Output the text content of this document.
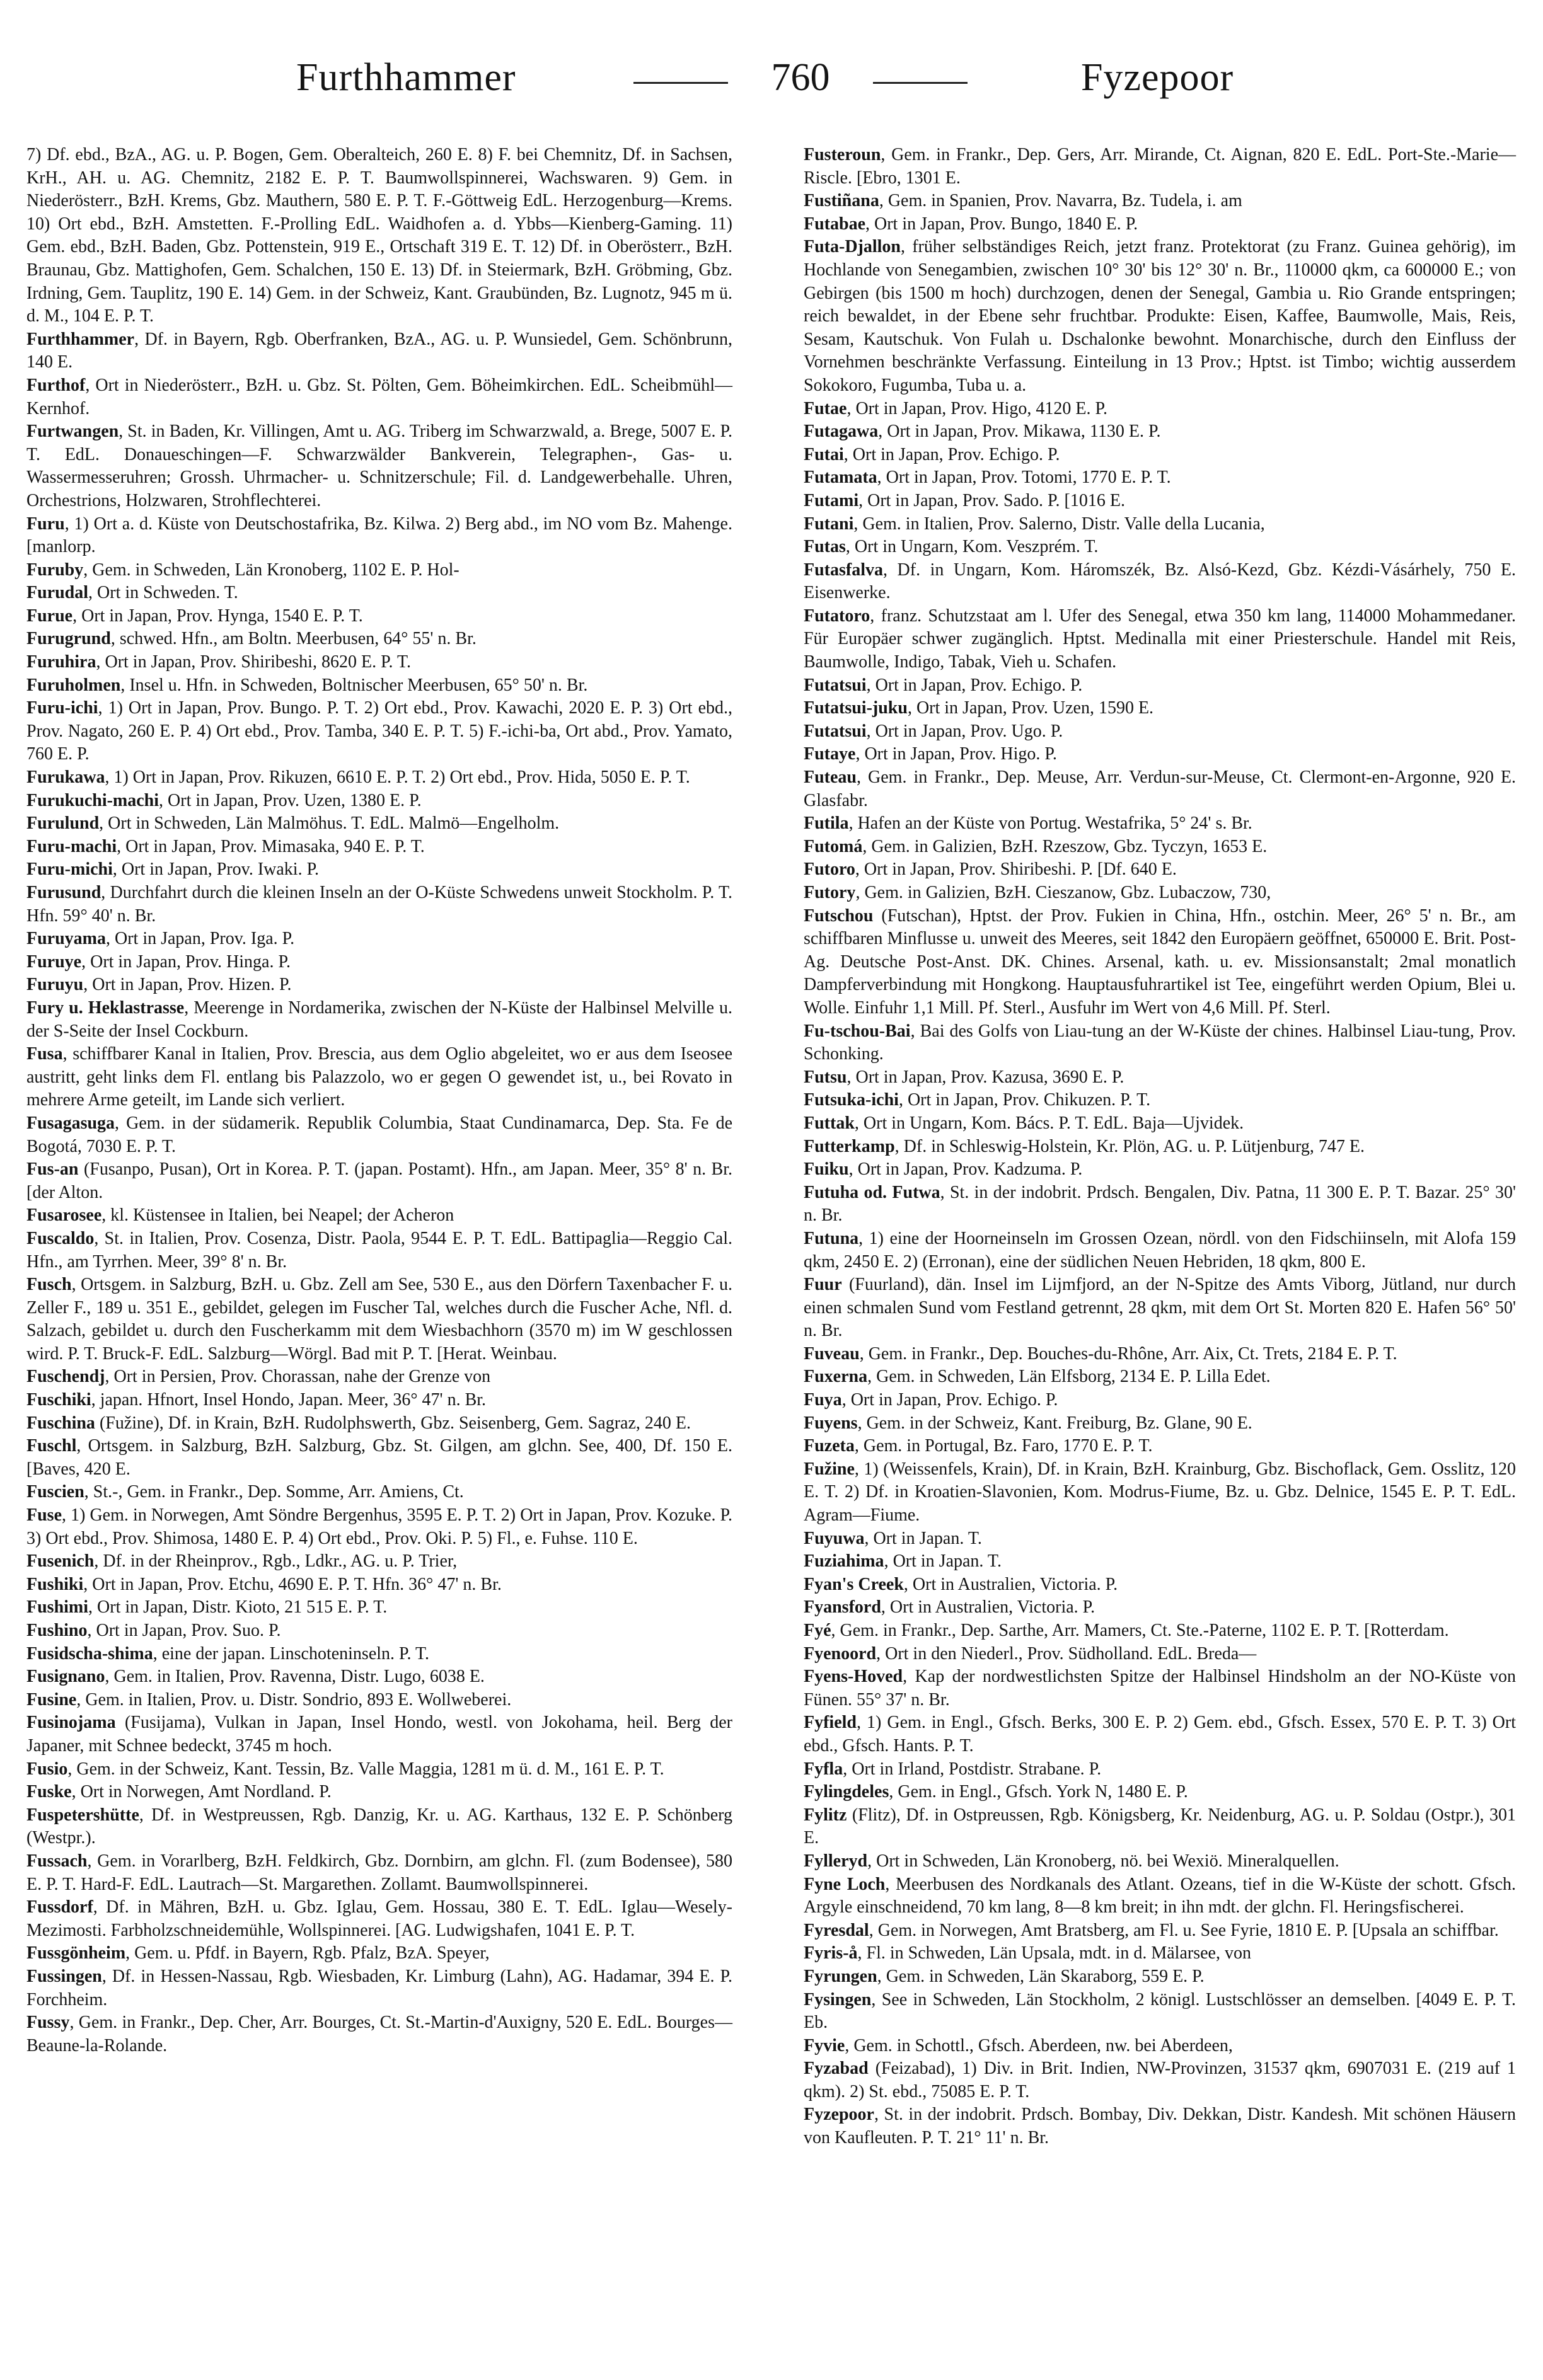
Furthhammer	760	Fyzepoor

7) Df. ebd., BzA., AG. u. P. Bogen, Gem. Oberalteich, 260 E. 8) F. bei Chemnitz, Df. in Sachsen, KrH., AH. u. AG. Chemnitz, 2182 E. P. T. Baumwollspinnerei, Wachswaren. 9) Gem. in Niederösterr., BzH. Krems, Gbz. Mauthern, 580 E. P. T. F.-Göttweig EdL. Herzogenburg—Krems. 10) Ort ebd., BzH. Amstetten. F.-Prolling EdL. Waidhofen a. d. Ybbs—Kienberg-Gaming. 11) Gem. ebd., BzH. Baden, Gbz. Pottenstein, 919 E., Ortschaft 319 E. T. 12) Df. in Oberösterr., BzH. Braunau, Gbz. Mattighofen, Gem. Schalchen, 150 E. 13) Df. in Steiermark, BzH. Gröbming, Gbz. Irdning, Gem. Tauplitz, 190 E. 14) Gem. in der Schweiz, Kant. Graubünden, Bz. Lugnotz, 945 m ü. d. M., 104 E. P. T.

Furthhammer, Df. in Bayern, Rgb. Oberfranken, BzA., AG. u. P. Wunsiedel, Gem. Schönbrunn, 140 E.

Furthof, Ort in Niederösterr., BzH. u. Gbz. St. Pölten, Gem. Böheimkirchen. EdL. Scheibmühl—Kernhof.

Furtwangen, St. in Baden, Kr. Villingen, Amt u. AG. Triberg im Schwarzwald, a. Brege, 5007 E. P. T. EdL. Donaueschingen—F. Schwarzwälder Bankverein, Telegraphen-, Gas- u. Wassermesseruhren; Grossh. Uhrmacher- u. Schnitzerschule; Fil. d. Landgewerbehalle. Uhren, Orchestrions, Holzwaren, Strohflechterei.

Furu, 1) Ort a. d. Küste von Deutschostafrika, Bz. Kilwa. 2) Berg abd., im NO vom Bz. Mahenge. [manlorp.

Furuby, Gem. in Schweden, Län Kronoberg, 1102 E. P. Hol-

Furudal, Ort in Schweden. T.

Furue, Ort in Japan, Prov. Hynga, 1540 E. P. T.

Furugrund, schwed. Hfn., am Boltn. Meerbusen, 64° 55' n. Br.

Furuhira, Ort in Japan, Prov. Shiribeshi, 8620 E. P. T.

Furuholmen, Insel u. Hfn. in Schweden, Boltnischer Meerbusen, 65° 50' n. Br.

Furu-ichi, 1) Ort in Japan, Prov. Bungo. P. T. 2) Ort ebd., Prov. Kawachi, 2020 E. P. 3) Ort ebd., Prov. Nagato, 260 E. P. 4) Ort ebd., Prov. Tamba, 340 E. P. T. 5) F.-ichi-ba, Ort abd., Prov. Yamato, 760 E. P.

Furukawa, 1) Ort in Japan, Prov. Rikuzen, 6610 E. P. T. 2) Ort ebd., Prov. Hida, 5050 E. P. T.

Furukuchi-machi, Ort in Japan, Prov. Uzen, 1380 E. P.

Furulund, Ort in Schweden, Län Malmöhus. T. EdL. Malmö—Engelholm.

Furu-machi, Ort in Japan, Prov. Mimasaka, 940 E. P. T.

Furu-michi, Ort in Japan, Prov. Iwaki. P.

Furusund, Durchfahrt durch die kleinen Inseln an der O-Küste Schwedens unweit Stockholm. P. T. Hfn. 59° 40' n. Br.

Furuyama, Ort in Japan, Prov. Iga. P.

Furuye, Ort in Japan, Prov. Hinga. P.

Furuyu, Ort in Japan, Prov. Hizen. P.

Fury u. Heklastrasse, Meerenge in Nordamerika, zwischen der N-Küste der Halbinsel Melville u. der S-Seite der Insel Cockburn.

Fusa, schiffbarer Kanal in Italien, Prov. Brescia, aus dem Oglio abgeleitet, wo er aus dem Iseosee austritt, geht links dem Fl. entlang bis Palazzolo, wo er gegen O gewendet ist, u., bei Rovato in mehrere Arme geteilt, im Lande sich verliert.

Fusagasuga, Gem. in der südamerik. Republik Columbia, Staat Cundinamarca, Dep. Sta. Fe de Bogotá, 7030 E. P. T.

Fus-an (Fusanpo, Pusan), Ort in Korea. P. T. (japan. Postamt). Hfn., am Japan. Meer, 35° 8' n. Br. [der Alton.

Fusarosee, kl. Küstensee in Italien, bei Neapel; der Acheron

Fuscaldo, St. in Italien, Prov. Cosenza, Distr. Paola, 9544 E. P. T. EdL. Battipaglia—Reggio Cal. Hfn., am Tyrrhen. Meer, 39° 8' n. Br.

Fusch, Ortsgem. in Salzburg, BzH. u. Gbz. Zell am See, 530 E., aus den Dörfern Taxenbacher F. u. Zeller F., 189 u. 351 E., gebildet, gelegen im Fuscher Tal, welches durch die Fuscher Ache, Nfl. d. Salzach, gebildet u. durch den Fuscherkamm mit dem Wiesbachhorn (3570 m) im W geschlossen wird. P. T. Bruck-F. EdL. Salzburg—Wörgl. Bad mit P. T. [Herat. Weinbau.

Fuschendj, Ort in Persien, Prov. Chorassan, nahe der Grenze von

Fuschiki, japan. Hfnort, Insel Hondo, Japan. Meer, 36° 47' n. Br.

Fuschina (Fužine), Df. in Krain, BzH. Rudolphswerth, Gbz. Seisenberg, Gem. Sagraz, 240 E.

Fuschl, Ortsgem. in Salzburg, BzH. Salzburg, Gbz. St. Gilgen, am glchn. See, 400, Df. 150 E. [Baves, 420 E.

Fuscien, St.-, Gem. in Frankr., Dep. Somme, Arr. Amiens, Ct.

Fuse, 1) Gem. in Norwegen, Amt Söndre Bergenhus, 3595 E. P. T. 2) Ort in Japan, Prov. Kozuke. P. 3) Ort ebd., Prov. Shimosa, 1480 E. P. 4) Ort ebd., Prov. Oki. P. 5) Fl., e. Fuhse. 110 E.

Fusenich, Df. in der Rheinprov., Rgb., Ldkr., AG. u. P. Trier,

Fushiki, Ort in Japan, Prov. Etchu, 4690 E. P. T. Hfn. 36° 47' n. Br.

Fushimi, Ort in Japan, Distr. Kioto, 21 515 E. P. T.

Fushino, Ort in Japan, Prov. Suo. P.

Fusidscha-shima, eine der japan. Linschoteninseln. P. T.

Fusignano, Gem. in Italien, Prov. Ravenna, Distr. Lugo, 6038 E.

Fusine, Gem. in Italien, Prov. u. Distr. Sondrio, 893 E. Wollweberei.

Fusinojama (Fusijama), Vulkan in Japan, Insel Hondo, westl. von Jokohama, heil. Berg der Japaner, mit Schnee bedeckt, 3745 m hoch.

Fusio, Gem. in der Schweiz, Kant. Tessin, Bz. Valle Maggia, 1281 m ü. d. M., 161 E. P. T.

Fuske, Ort in Norwegen, Amt Nordland. P.

Fuspetershütte, Df. in Westpreussen, Rgb. Danzig, Kr. u. AG. Karthaus, 132 E. P. Schönberg (Westpr.).

Fussach, Gem. in Vorarlberg, BzH. Feldkirch, Gbz. Dornbirn, am glchn. Fl. (zum Bodensee), 580 E. P. T. Hard-F. EdL. Lautrach—St. Margarethen. Zollamt. Baumwollspinnerei.

Fussdorf, Df. in Mähren, BzH. u. Gbz. Iglau, Gem. Hossau, 380 E. T. EdL. Iglau—Wesely-Mezimosti. Farbholzschneidemühle, Wollspinnerei. [AG. Ludwigshafen, 1041 E. P. T.

Fussgönheim, Gem. u. Pfdf. in Bayern, Rgb. Pfalz, BzA. Speyer,

Fussingen, Df. in Hessen-Nassau, Rgb. Wiesbaden, Kr. Limburg (Lahn), AG. Hadamar, 394 E. P. Forchheim.

Fussy, Gem. in Frankr., Dep. Cher, Arr. Bourges, Ct. St.-Martin-d'Auxigny, 520 E. EdL. Bourges—Beaune-la-Rolande.

Fusteroun, Gem. in Frankr., Dep. Gers, Arr. Mirande, Ct. Aignan, 820 E. EdL. Port-Ste.-Marie—Riscle. [Ebro, 1301 E.

Fustiñana, Gem. in Spanien, Prov. Navarra, Bz. Tudela, i. am

Futabae, Ort in Japan, Prov. Bungo, 1840 E. P.

Futa-Djallon, früher selbständiges Reich, jetzt franz. Protektorat (zu Franz. Guinea gehörig), im Hochlande von Senegambien, zwischen 10° 30' bis 12° 30' n. Br., 110000 qkm, ca 600000 E.; von Gebirgen (bis 1500 m hoch) durchzogen, denen der Senegal, Gambia u. Rio Grande entspringen; reich bewaldet, in der Ebene sehr fruchtbar. Produkte: Eisen, Kaffee, Baumwolle, Mais, Reis, Sesam, Kautschuk. Von Fulah u. Dschalonke bewohnt. Monarchische, durch den Einfluss der Vornehmen beschränkte Verfassung. Einteilung in 13 Prov.; Hptst. ist Timbo; wichtig ausserdem Sokokoro, Fugumba, Tuba u. a.

Futae, Ort in Japan, Prov. Higo, 4120 E. P.

Futagawa, Ort in Japan, Prov. Mikawa, 1130 E. P.

Futai, Ort in Japan, Prov. Echigo. P.

Futamata, Ort in Japan, Prov. Totomi, 1770 E. P. T.

Futami, Ort in Japan, Prov. Sado. P. [1016 E.

Futani, Gem. in Italien, Prov. Salerno, Distr. Valle della Lucania,

Futas, Ort in Ungarn, Kom. Veszprém. T.

Futasfalva, Df. in Ungarn, Kom. Háromszék, Bz. Alsó-Kezd, Gbz. Kézdi-Vásárhely, 750 E. Eisenwerke.

Futatoro, franz. Schutzstaat am l. Ufer des Senegal, etwa 350 km lang, 114000 Mohammedaner. Für Europäer schwer zugänglich. Hptst. Medinalla mit einer Priesterschule. Handel mit Reis, Baumwolle, Indigo, Tabak, Vieh u. Schafen.

Futatsui, Ort in Japan, Prov. Echigo. P.

Futatsui-juku, Ort in Japan, Prov. Uzen, 1590 E.

Futatsui, Ort in Japan, Prov. Ugo. P.

Futaye, Ort in Japan, Prov. Higo. P.

Futeau, Gem. in Frankr., Dep. Meuse, Arr. Verdun-sur-Meuse, Ct. Clermont-en-Argonne, 920 E. Glasfabr.

Futila, Hafen an der Küste von Portug. Westafrika, 5° 24' s. Br.

Futomá, Gem. in Galizien, BzH. Rzeszow, Gbz. Tyczyn, 1653 E.

Futoro, Ort in Japan, Prov. Shiribeshi. P. [Df. 640 E.

Futory, Gem. in Galizien, BzH. Cieszanow, Gbz. Lubaczow, 730,

Futschou (Futschan), Hptst. der Prov. Fukien in China, Hfn., ostchin. Meer, 26° 5' n. Br., am schiffbaren Minflusse u. unweit des Meeres, seit 1842 den Europäern geöffnet, 650000 E. Brit. Post-Ag. Deutsche Post-Anst. DK. Chines. Arsenal, kath. u. ev. Missionsanstalt; 2mal monatlich Dampferverbindung mit Hongkong. Hauptausfuhrartikel ist Tee, eingeführt werden Opium, Blei u. Wolle. Einfuhr 1,1 Mill. Pf. Sterl., Ausfuhr im Wert von 4,6 Mill. Pf. Sterl.

Fu-tschou-Bai, Bai des Golfs von Liau-tung an der W-Küste der chines. Halbinsel Liau-tung, Prov. Schonking.

Futsu, Ort in Japan, Prov. Kazusa, 3690 E. P.

Futsuka-ichi, Ort in Japan, Prov. Chikuzen. P. T.

Futtak, Ort in Ungarn, Kom. Bács. P. T. EdL. Baja—Ujvidek.

Futterkamp, Df. in Schleswig-Holstein, Kr. Plön, AG. u. P. Lütjenburg, 747 E.

Fuiku, Ort in Japan, Prov. Kadzuma. P.

Futuha od. Futwa, St. in der indobrit. Prdsch. Bengalen, Div. Patna, 11 300 E. P. T. Bazar. 25° 30' n. Br.

Futuna, 1) eine der Hoorneinseln im Grossen Ozean, nördl. von den Fidschiinseln, mit Alofa 159 qkm, 2450 E. 2) (Erronan), eine der südlichen Neuen Hebriden, 18 qkm, 800 E.

Fuur (Fuurland), dän. Insel im Lijmfjord, an der N-Spitze des Amts Viborg, Jütland, nur durch einen schmalen Sund vom Festland getrennt, 28 qkm, mit dem Ort St. Morten 820 E. Hafen 56° 50' n. Br.

Fuveau, Gem. in Frankr., Dep. Bouches-du-Rhône, Arr. Aix, Ct. Trets, 2184 E. P. T.

Fuxerna, Gem. in Schweden, Län Elfsborg, 2134 E. P. Lilla Edet.

Fuya, Ort in Japan, Prov. Echigo. P.

Fuyens, Gem. in der Schweiz, Kant. Freiburg, Bz. Glane, 90 E.

Fuzeta, Gem. in Portugal, Bz. Faro, 1770 E. P. T.

Fužine, 1) (Weissenfels, Krain), Df. in Krain, BzH. Krainburg, Gbz. Bischoflack, Gem. Osslitz, 120 E. T. 2) Df. in Kroatien-Slavonien, Kom. Modrus-Fiume, Bz. u. Gbz. Delnice, 1545 E. P. T. EdL. Agram—Fiume.

Fuyuwa, Ort in Japan. T.

Fuziahima, Ort in Japan. T.

Fyan's Creek, Ort in Australien, Victoria. P.

Fyansford, Ort in Australien, Victoria. P.

Fyé, Gem. in Frankr., Dep. Sarthe, Arr. Mamers, Ct. Ste.-Paterne, 1102 E. P. T. [Rotterdam.

Fyenoord, Ort in den Niederl., Prov. Südholland. EdL. Breda—

Fyens-Hoved, Kap der nordwestlichsten Spitze der Halbinsel Hindsholm an der NO-Küste von Fünen. 55° 37' n. Br.

Fyfield, 1) Gem. in Engl., Gfsch. Berks, 300 E. P. 2) Gem. ebd., Gfsch. Essex, 570 E. P. T. 3) Ort ebd., Gfsch. Hants. P. T.

Fyfla, Ort in Irland, Postdistr. Strabane. P.

Fylingdeles, Gem. in Engl., Gfsch. York N, 1480 E. P.

Fylitz (Flitz), Df. in Ostpreussen, Rgb. Königsberg, Kr. Neidenburg, AG. u. P. Soldau (Ostpr.), 301 E.

Fylleryd, Ort in Schweden, Län Kronoberg, nö. bei Wexiö. Mineralquellen.

Fyne Loch, Meerbusen des Nordkanals des Atlant. Ozeans, tief in die W-Küste der schott. Gfsch. Argyle einschneidend, 70 km lang, 8—8 km breit; in ihn mdt. der glchn. Fl. Heringsfischerei.

Fyresdal, Gem. in Norwegen, Amt Bratsberg, am Fl. u. See Fyrie, 1810 E. P. [Upsala an schiffbar.

Fyris-å, Fl. in Schweden, Län Upsala, mdt. in d. Mälarsee, von

Fyrungen, Gem. in Schweden, Län Skaraborg, 559 E. P.

Fysingen, See in Schweden, Län Stockholm, 2 königl. Lustschlösser an demselben. [4049 E. P. T. Eb.

Fyvie, Gem. in Schottl., Gfsch. Aberdeen, nw. bei Aberdeen,

Fyzabad (Feizabad), 1) Div. in Brit. Indien, NW-Provinzen, 31537 qkm, 6907031 E. (219 auf 1 qkm). 2) St. ebd., 75085 E. P. T.

Fyzepoor, St. in der indobrit. Prdsch. Bombay, Div. Dekkan, Distr. Kandesh. Mit schönen Häusern von Kaufleuten. P. T. 21° 11' n. Br.
